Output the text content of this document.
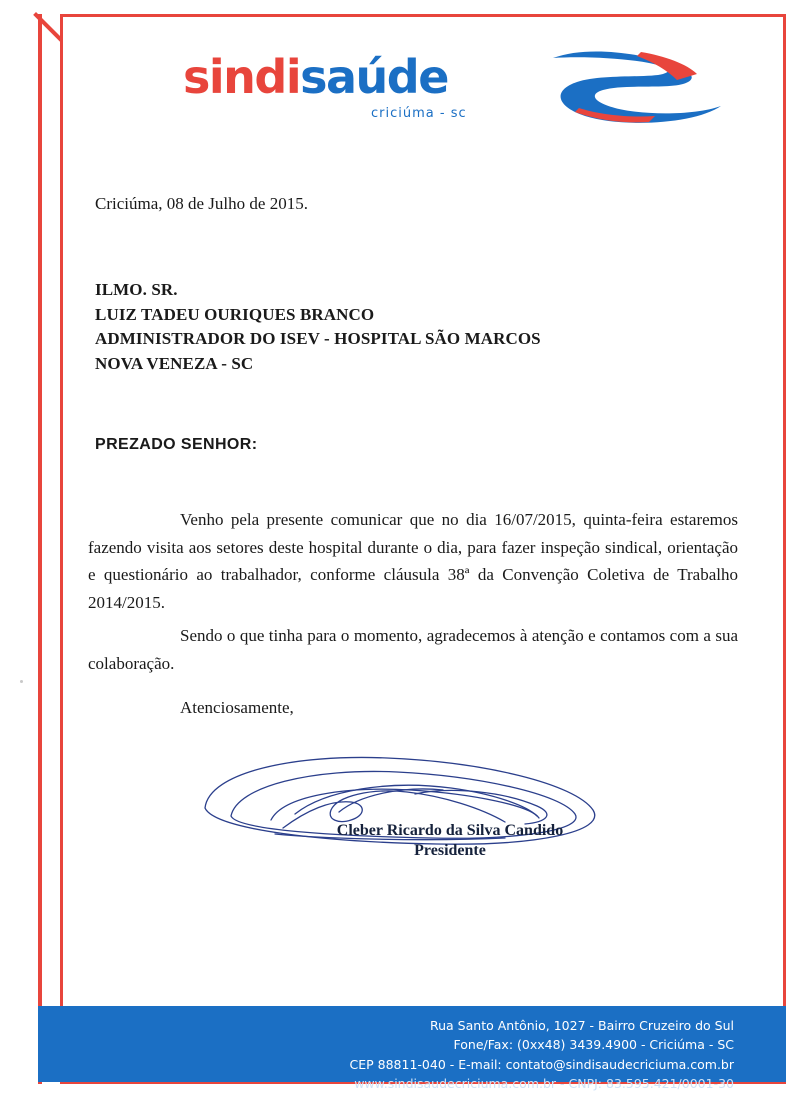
sindisaúde
criciúma - sc
Criciúma, 08 de Julho de 2015.
ILMO. SR.
LUIZ TADEU OURIQUES BRANCO
ADMINISTRADOR DO ISEV - HOSPITAL SÃO MARCOS
NOVA VENEZA - SC
PREZADO SENHOR:
Venho pela presente comunicar que no dia 16/07/2015, quinta-feira estaremos fazendo visita aos setores deste hospital durante o dia, para fazer inspeção sindical, orientação e questionário ao trabalhador, conforme cláusula 38ª da Convenção Coletiva de Trabalho 2014/2015.
Sendo o que tinha para o momento, agradecemos à atenção e contamos com a sua colaboração.
Atenciosamente,
Cleber Ricardo da Silva Candido
Presidente
Rua Santo Antônio, 1027 - Bairro Cruzeiro do Sul
Fone/Fax: (0xx48) 3439.4900 - Criciúma - SC
CEP 88811-040 - E-mail: contato@sindisaudecriciuma.com.br
www.sindisaudecriciuma.com.br - CNPJ: 83.595.421/0001-30
